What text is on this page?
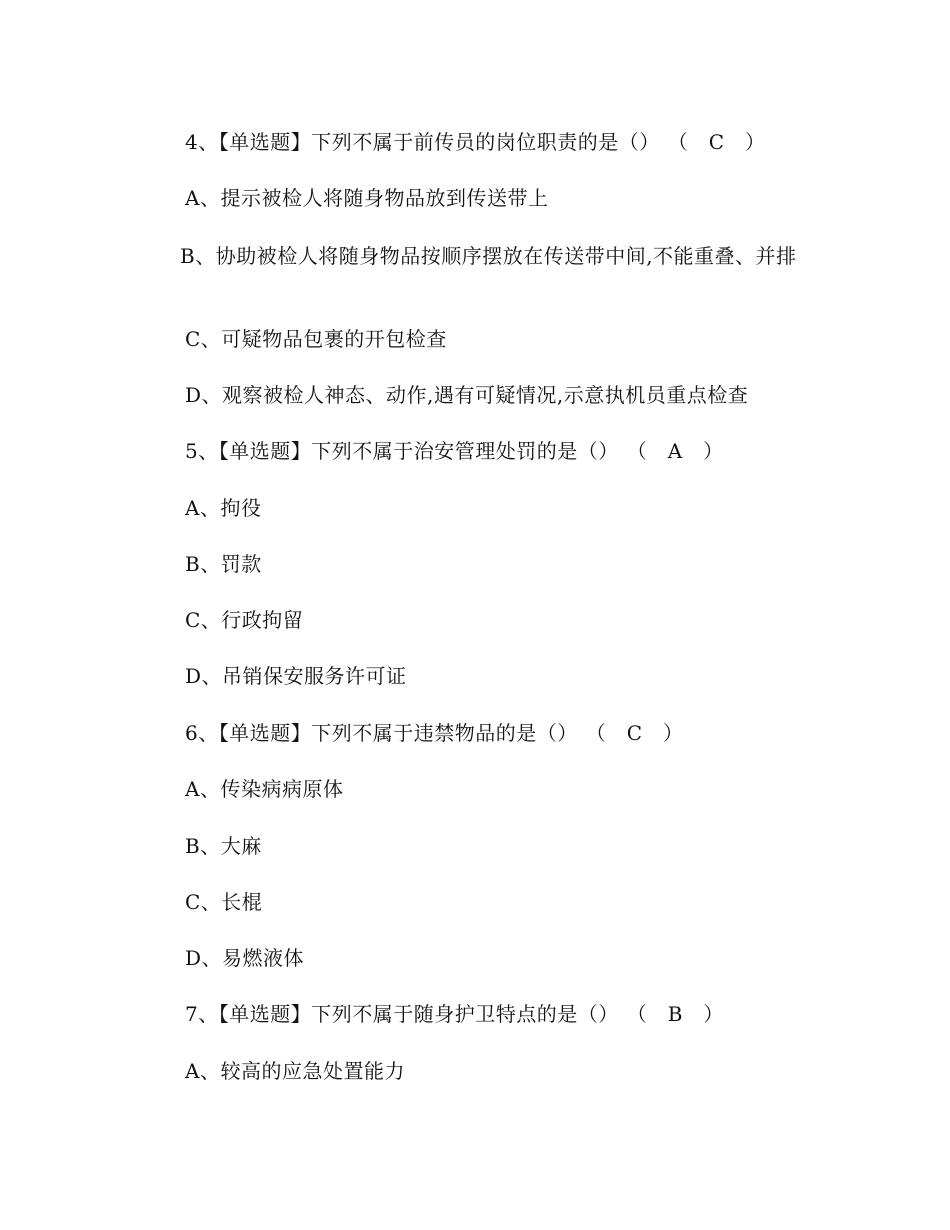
4、【单选题】下列不属于前传员的岗位职责的是（） （　C　）
A、提示被检人将随身物品放到传送带上
B、协助被检人将随身物品按顺序摆放在传送带中间,不能重叠、并排
C、可疑物品包裹的开包检查
D、观察被检人神态、动作,遇有可疑情况,示意执机员重点检查
5、【单选题】下列不属于治安管理处罚的是（） （　A　）
A、拘役
B、罚款
C、行政拘留
D、吊销保安服务许可证
6、【单选题】下列不属于违禁物品的是（） （　C　）
A、传染病病原体
B、大麻
C、长棍
D、易燃液体
7、【单选题】下列不属于随身护卫特点的是（） （　B　）
A、较高的应急处置能力
